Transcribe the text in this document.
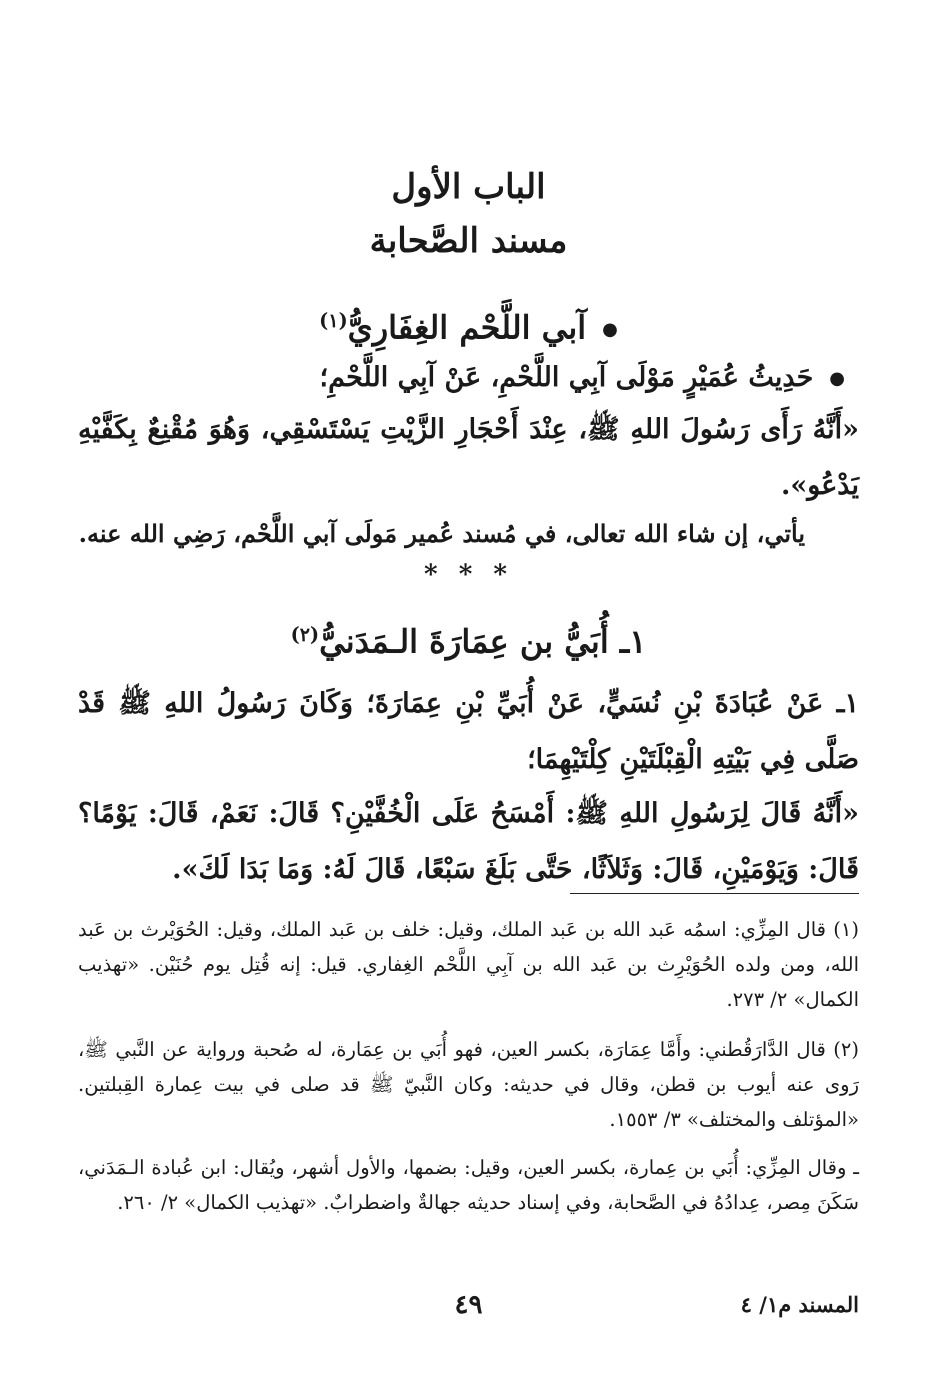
الباب الأول
مسند الصَّحابة
● آبي اللَّحْم الغِفَارِيُّ$^{(١)}$
● حَدِيثُ عُمَيْرٍ مَوْلَى آبِي اللَّحْمِ، عَنْ آبِي اللَّحْمِ؛
«أَنَّهُ رَأَى رَسُولَ اللهِ ﷺ، عِنْدَ أَحْجَارِ الزَّيْتِ يَسْتَسْقِي، وَهُوَ مُقْنِعٌ بِكَفَّيْهِ يَدْعُو».
يأتي، إن شاء الله تعالى، في مُسند عُمير مَولَى آبي اللَّحْم، رَضِي الله عنه.
* * *
١ـ أُبَيُّ بن عِمَارَةَ الـمَدَنيُّ$^{(٢)}$
١ـ عَنْ عُبَادَةَ بْنِ نُسَيٍّ، عَنْ أُبَيِّ بْنِ عِمَارَةَ؛ وَكَانَ رَسُولُ اللهِ ﷺ قَدْ صَلَّى فِي بَيْتِهِ الْقِبْلَتَيْنِ كِلْتَيْهِمَا؛
«أَنَّهُ قَالَ لِرَسُولِ اللهِ ﷺ: أَمْسَحُ عَلَى الْخُفَّيْنِ؟ قَالَ: نَعَمْ، قَالَ: يَوْمًا؟ قَالَ: وَيَوْمَيْنِ، قَالَ: وَثَلاَثًا، حَتَّى بَلَغَ سَبْعًا، قَالَ لَهُ: وَمَا بَدَا لَكَ».
(١) قال المِزِّي: اسمُه عَبد الله بن عَبد الملك، وقيل: خلف بن عَبد الملك، وقيل: الحُوَيْرث بن عَبد الله، ومن ولده الحُوَيْرِث بن عَبد الله بن آبِي اللَّحْم الغِفاري. قيل: إنه قُتِل يوم حُنَيْن. «تهذيب الكمال» ٢/ ٢٧٣.
(٢) قال الدَّارَقُطني: وأَمَّا عِمَارَة، بكسر العين، فهو أُبَي بن عِمَارة، له صُحبة ورواية عن النَّبي ﷺ، رَوى عنه أيوب بن قطن، وقال في حديثه: وكان النَّبيّ ﷺ قد صلى في بيت عِمارة القِبلتين. «المؤتلف والمختلف» ٣/ ١٥٥٣.
ـ وقال المِزِّي: أُبَي بن عِمارة، بكسر العين، وقيل: بضمها، والأول أشهر، ويُقال: ابن عُبادة الـمَدَني، سَكَنَ مِصر، عِدادُهُ في الصَّحابة، وفي إسناد حديثه جهالةٌ واضطرابٌ. «تهذيب الكمال» ٢/ ٢٦٠.
٤٩	المسند م١/ ٤
